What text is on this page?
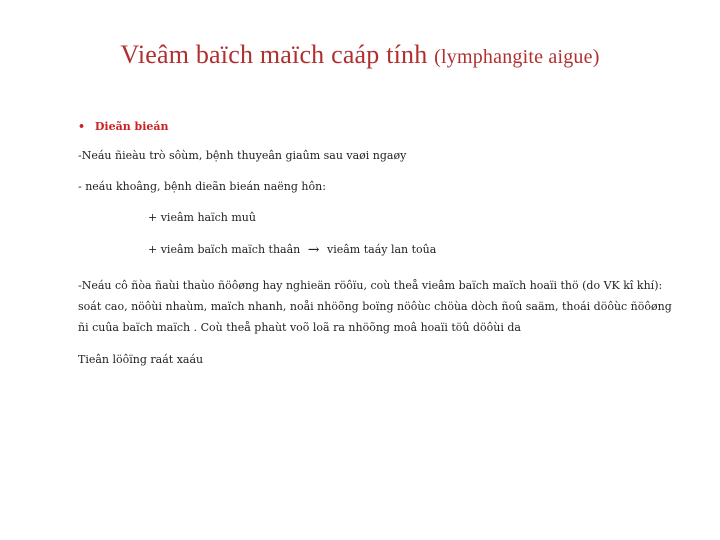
Vieâm baïch maïch caáp tính (lymphangite aigue)
• Dieãn bieán
-Neáu ñieàu trò sôùm, bệnh thuyeân giaûm sau vaøi ngaøy
- neáu khoâng, bệnh dieãn bieán naëng hôn:
+ vieâm haïch muû
+ vieâm baïch maïch thaân → vieâm taáy lan toûa
-Neáu cô ñòa ñaùi thaùo ñöôøng hay nghieän röôïu, coù theå vieâm baïch maïch hoaïi thö (do VK kî khí): soát cao, nöôùi nhaùm, maïch nhanh, noåi nhöõng boïng nöôùc chöùa dòch ñoû saäm, thoái döôùc ñöôøng ñi cuûa baïch maïch . Coù theå phaùt voõ loã ra nhöõng moâ hoaïi töû döôùi da
Tieân löôïng raát xaáu
